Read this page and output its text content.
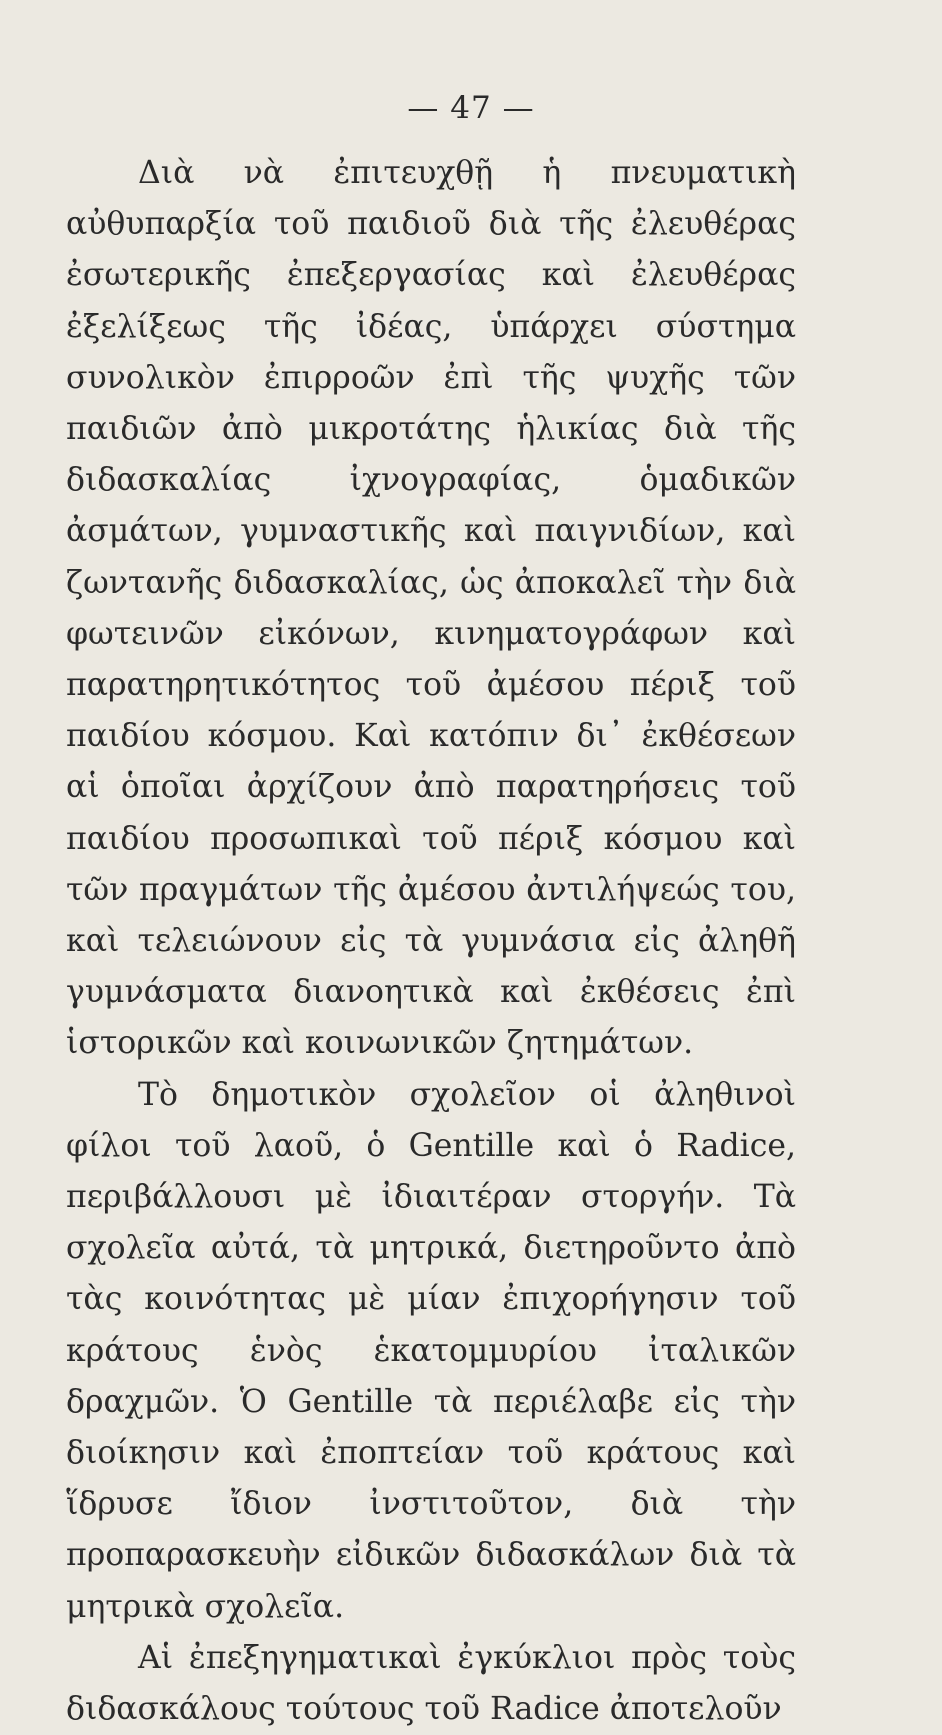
— 47 —

Διὰ νὰ ἐπιτευχθῇ ἡ πνευματικὴ αὐθυπαρξία τοῦ παιδιοῦ διὰ τῆς ἐλευθέρας ἐσωτερικῆς ἐπεξεργασίας καὶ ἐλευθέρας ἐξελίξεως τῆς ἰδέας, ὑπάρχει σύστημα συνολικὸν ἐπιρροῶν ἐπὶ τῆς ψυχῆς τῶν παιδιῶν ἀπὸ μικροτάτης ἡλικίας διὰ τῆς διδασκαλίας ἰχνογραφίας, ὁμαδικῶν ἀσμάτων, γυμναστικῆς καὶ παιγνιδίων, καὶ ζωντανῆς διδασκαλίας, ὡς ἀποκαλεῖ τὴν διὰ φωτεινῶν εἰκόνων, κινηματογράφων καὶ παρατηρητικότητος τοῦ ἀμέσου πέριξ τοῦ παιδίου κόσμου. Καὶ κατόπιν δι᾽ ἐκθέσεων αἱ ὁποῖαι ἀρχίζουν ἀπὸ παρατηρήσεις τοῦ παιδίου προσωπικαὶ τοῦ πέριξ κόσμου καὶ τῶν πραγμάτων τῆς ἀμέσου ἀντιλήψεώς του, καὶ τελειώνουν εἰς τὰ γυμνάσια εἰς ἀληθῆ γυμνάσματα διανοητικὰ καὶ ἐκθέσεις ἐπὶ ἱστορικῶν καὶ κοινωνικῶν ζητημάτων.

Τὸ δημοτικὸν σχολεῖον οἱ ἀληθινοὶ φίλοι τοῦ λαοῦ, ὁ Gentille καὶ ὁ Radice, περιβάλλουσι μὲ ἰδιαιτέραν στοργήν. Τὰ σχολεῖα αὐτά, τὰ μητρικά, διετηροῦντο ἀπὸ τὰς κοινότητας μὲ μίαν ἐπιχορήγησιν τοῦ κράτους ἑνὸς ἑκατομμυρίου ἰταλικῶν δραχμῶν. Ὁ Gentille τὰ περιέλαβε εἰς τὴν διοίκησιν καὶ ἐποπτείαν τοῦ κράτους καὶ ἵδρυσε ἴδιον ἰνστιτοῦτον, διὰ τὴν προπαρασκευὴν εἰδικῶν διδασκάλων διὰ τὰ μητρικὰ σχολεῖα.

Αἱ ἐπεξηγηματικαὶ ἐγκύκλιοι πρὸς τοὺς διδασκάλους τούτους τοῦ Radice ἀποτελοῦν
